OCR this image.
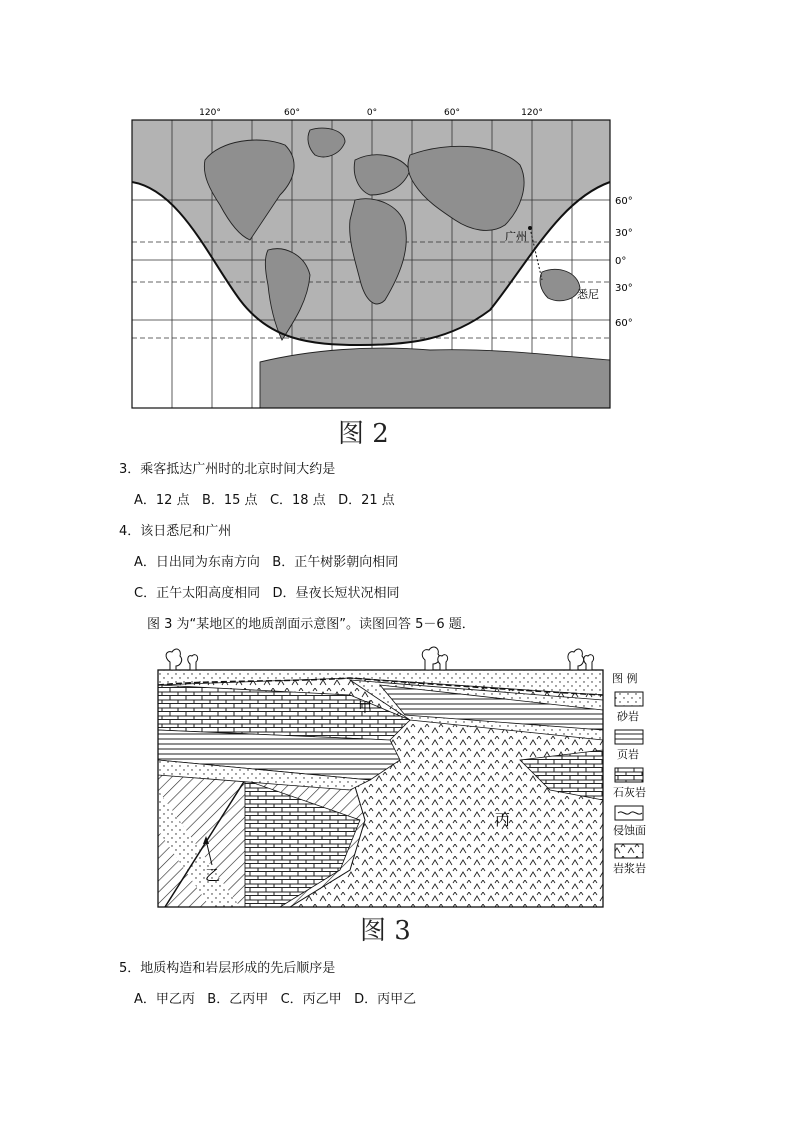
120°	60°	0°	60°	120°
60°
30°
0°
30°
60°
广州
悉尼
图 2
3．乘客抵达广州时的北京时间大约是
A．12 点   B．15 点   C．18 点   D．21 点
4．该日悉尼和广州
A．日出同为东南方向   B．正午树影朝向相同
C．正午太阳高度相同   D．昼夜长短状况相同
图 3 为“某地区的地质剖面示意图”。读图回答 5－6 题．
甲
丙
乙
图 例
砂岩
页岩
石灰岩
侵蚀面
岩浆岩
图 3
5．地质构造和岩层形成的先后顺序是
A．甲乙丙   B．乙丙甲   C．丙乙甲   D．丙甲乙
